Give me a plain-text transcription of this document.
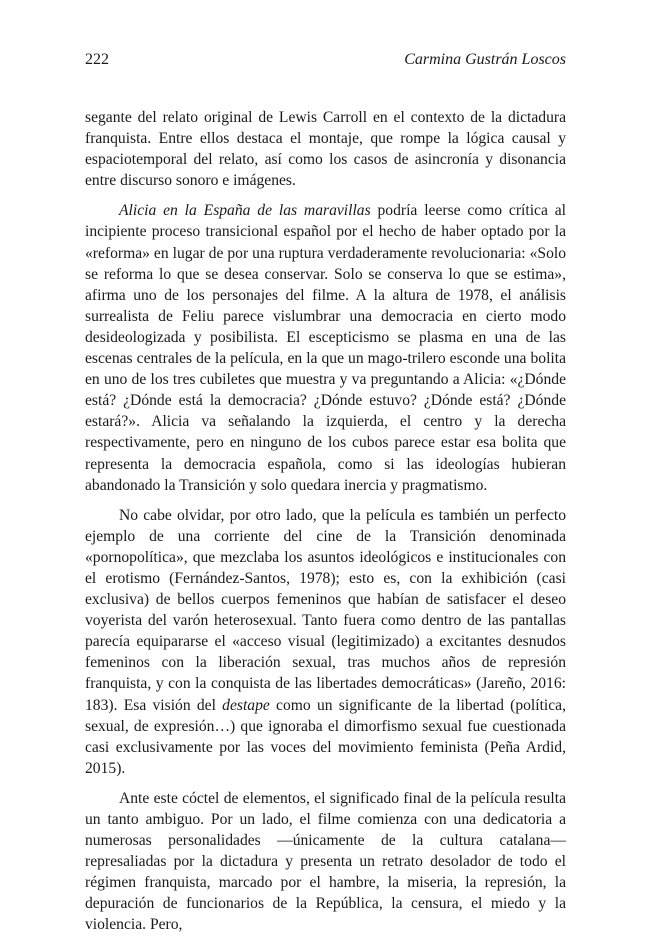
222	Carmina Gustrán Loscos

segante del relato original de Lewis Carroll en el contexto de la dictadura franquista. Entre ellos destaca el montaje, que rompe la lógica causal y espaciotemporal del relato, así como los casos de asincronía y disonancia entre discurso sonoro e imágenes.

Alicia en la España de las maravillas podría leerse como crítica al incipiente proceso transicional español por el hecho de haber optado por la «reforma» en lugar de por una ruptura verdaderamente revolucionaria: «Solo se reforma lo que se desea conservar. Solo se conserva lo que se estima», afirma uno de los personajes del filme. A la altura de 1978, el análisis surrealista de Feliu parece vislumbrar una democracia en cierto modo desideologizada y posibilista. El escepticismo se plasma en una de las escenas centrales de la película, en la que un mago-trilero esconde una bolita en uno de los tres cubiletes que muestra y va preguntando a Alicia: «¿Dónde está? ¿Dónde está la democracia? ¿Dónde estuvo? ¿Dónde está? ¿Dónde estará?». Alicia va señalando la izquierda, el centro y la derecha respectivamente, pero en ninguno de los cubos parece estar esa bolita que representa la democracia española, como si las ideologías hubieran abandonado la Transición y solo quedara inercia y pragmatismo.

No cabe olvidar, por otro lado, que la película es también un perfecto ejemplo de una corriente del cine de la Transición denominada «pornopolítica», que mezclaba los asuntos ideológicos e institucionales con el erotismo (Fernández-Santos, 1978); esto es, con la exhibición (casi exclusiva) de bellos cuerpos femeninos que habían de satisfacer el deseo voyerista del varón heterosexual. Tanto fuera como dentro de las pantallas parecía equipararse el «acceso visual (legitimizado) a excitantes desnudos femeninos con la liberación sexual, tras muchos años de represión franquista, y con la conquista de las libertades democráticas» (Jareño, 2016: 183). Esa visión del destape como un significante de la libertad (política, sexual, de expresión…) que ignoraba el dimorfismo sexual fue cuestionada casi exclusivamente por las voces del movimiento feminista (Peña Ardid, 2015).

Ante este cóctel de elementos, el significado final de la película resulta un tanto ambiguo. Por un lado, el filme comienza con una dedicatoria a numerosas personalidades —únicamente de la cultura catalana— represaliadas por la dictadura y presenta un retrato desolador de todo el régimen franquista, marcado por el hambre, la miseria, la represión, la depuración de funcionarios de la República, la censura, el miedo y la violencia. Pero,
